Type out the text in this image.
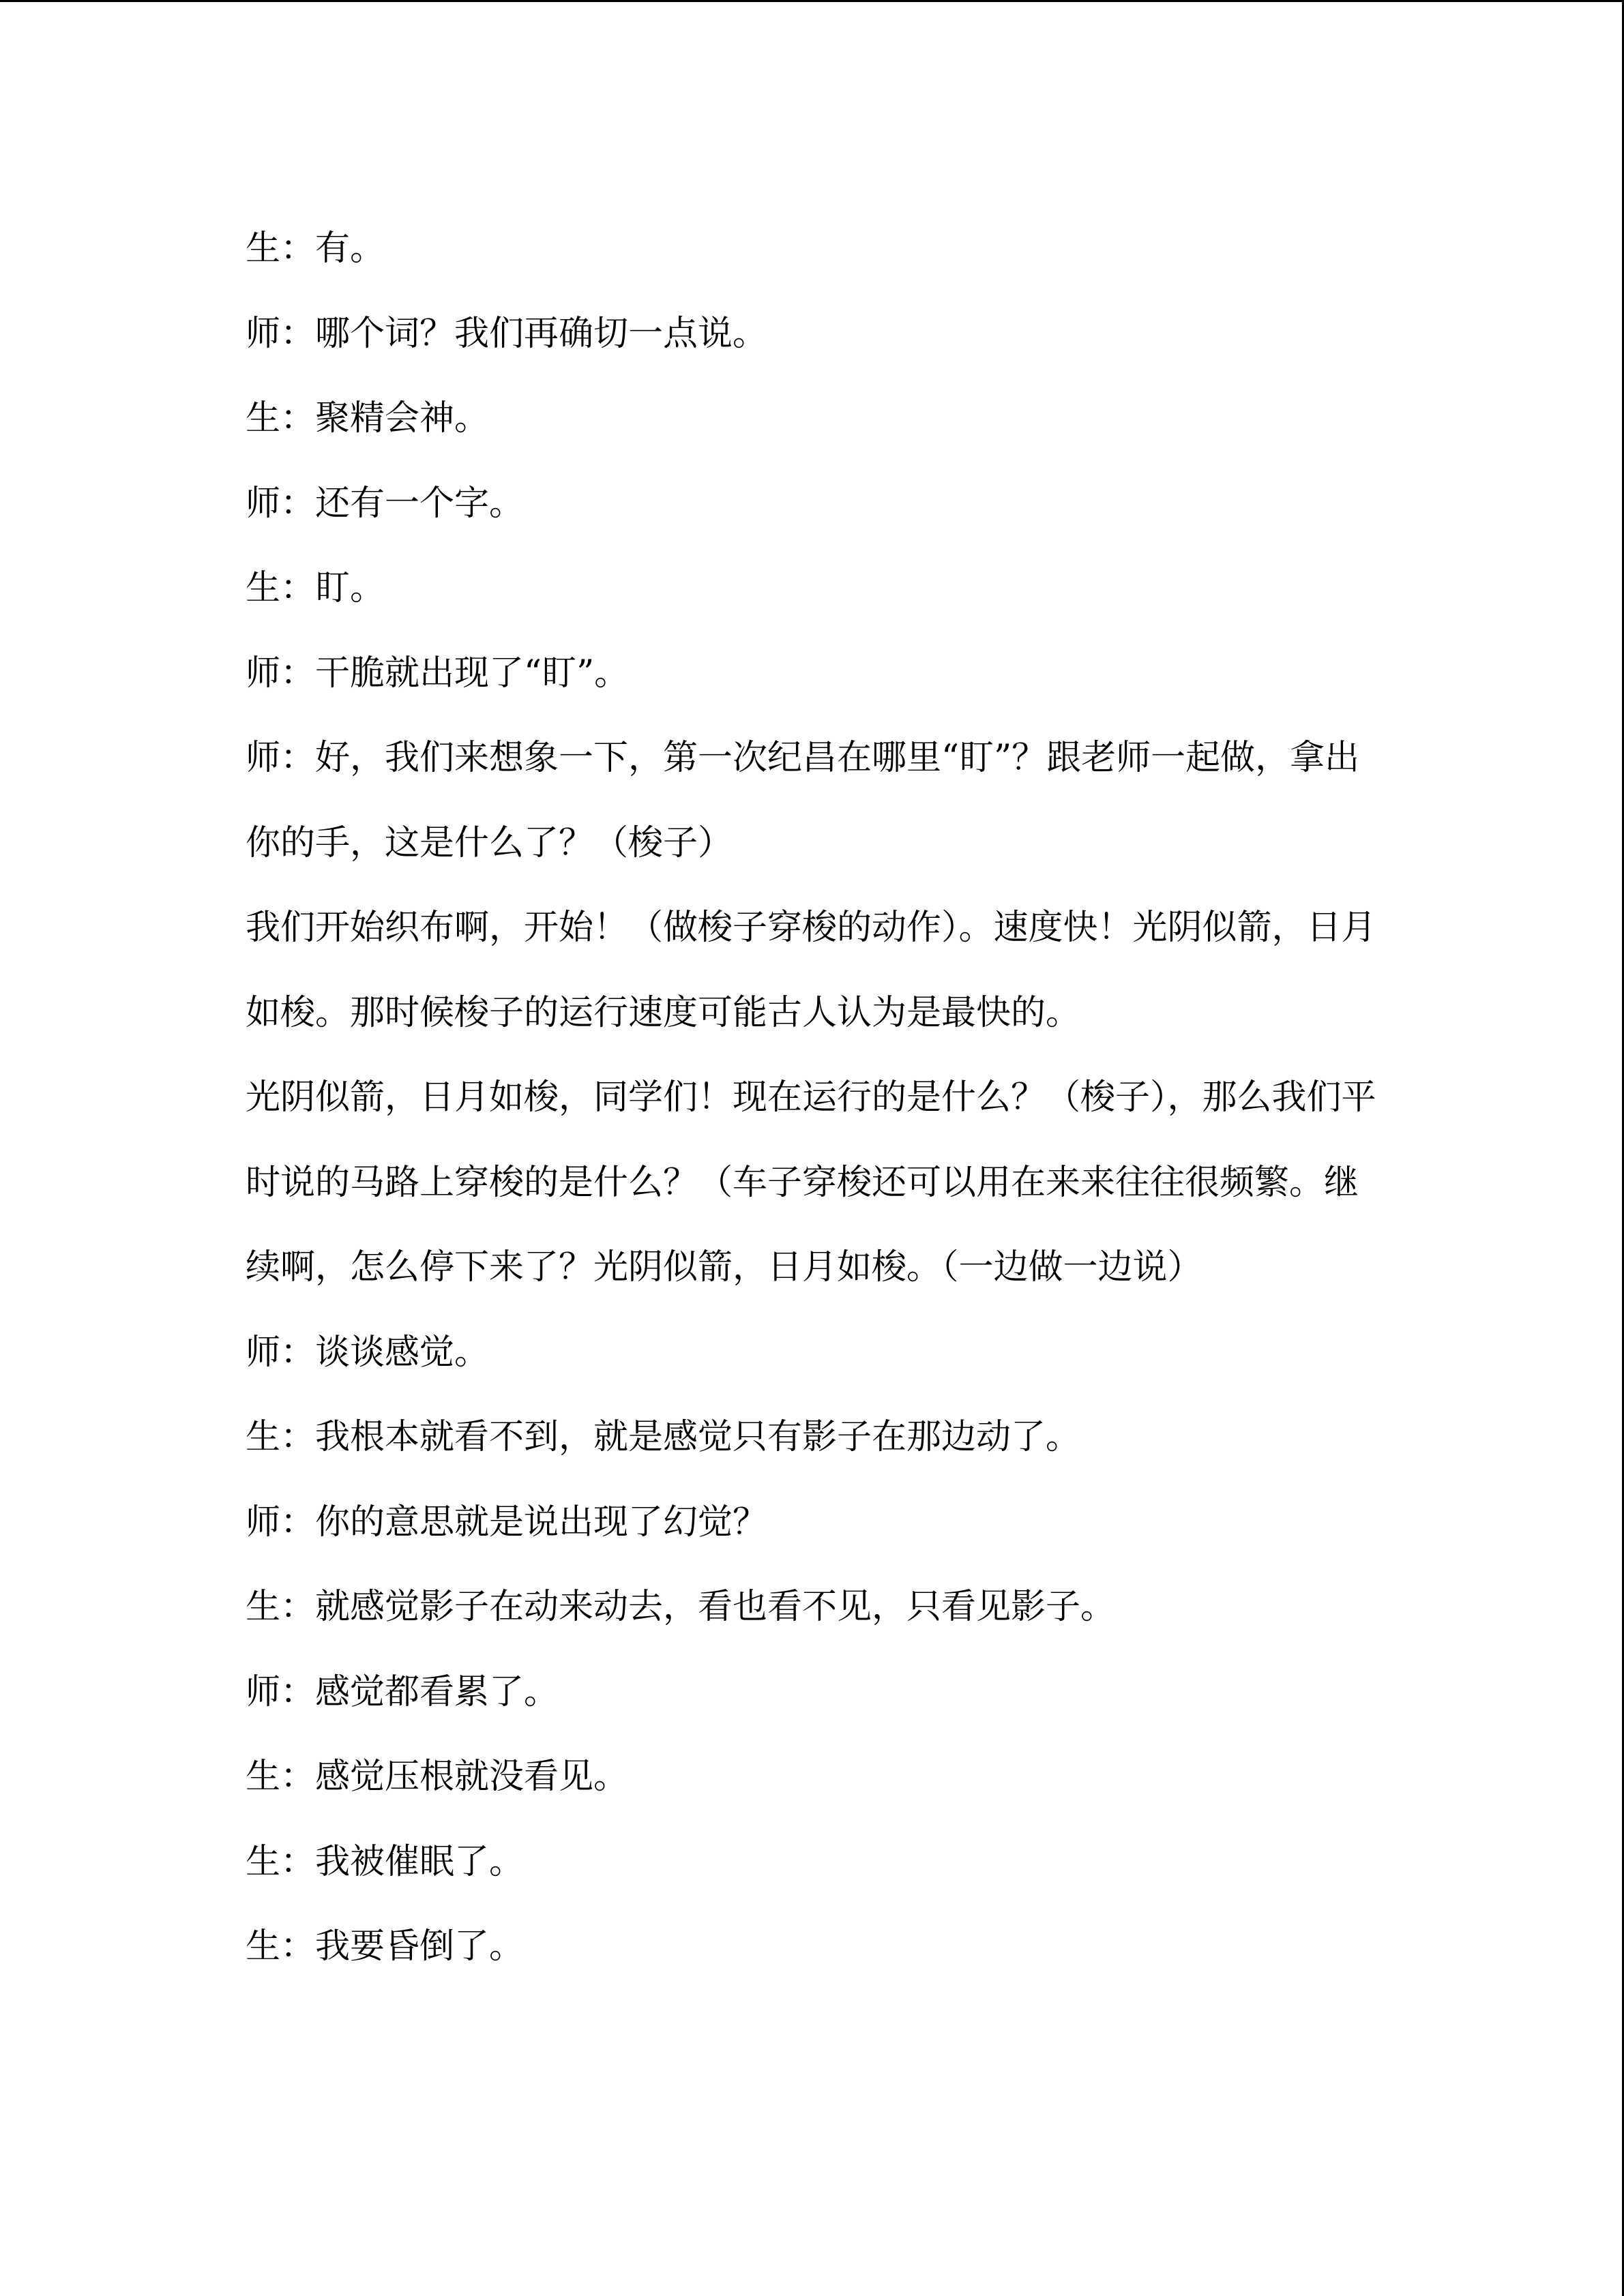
生：有。

师：哪个词？我们再确切一点说。

生：聚精会神。

师：还有一个字。

生：盯。

师：干脆就出现了“盯”。

师：好，我们来想象一下，第一次纪昌在哪里“盯”？跟老师一起做，拿出你的手，这是什么了？（梭子）

我们开始织布啊，开始！（做梭子穿梭的动作）。速度快！光阴似箭，日月如梭。那时候梭子的运行速度可能古人认为是最快的。

光阴似箭，日月如梭，同学们！现在运行的是什么？（梭子），那么我们平时说的马路上穿梭的是什么？（车子穿梭还可以用在来来往往很频繁。继续啊，怎么停下来了？光阴似箭，日月如梭。（一边做一边说）

师：谈谈感觉。

生：我根本就看不到，就是感觉只有影子在那边动了。

师：你的意思就是说出现了幻觉？

生：就感觉影子在动来动去，看也看不见，只看见影子。

师：感觉都看累了。

生：感觉压根就没看见。

生：我被催眠了。

生：我要昏倒了。
